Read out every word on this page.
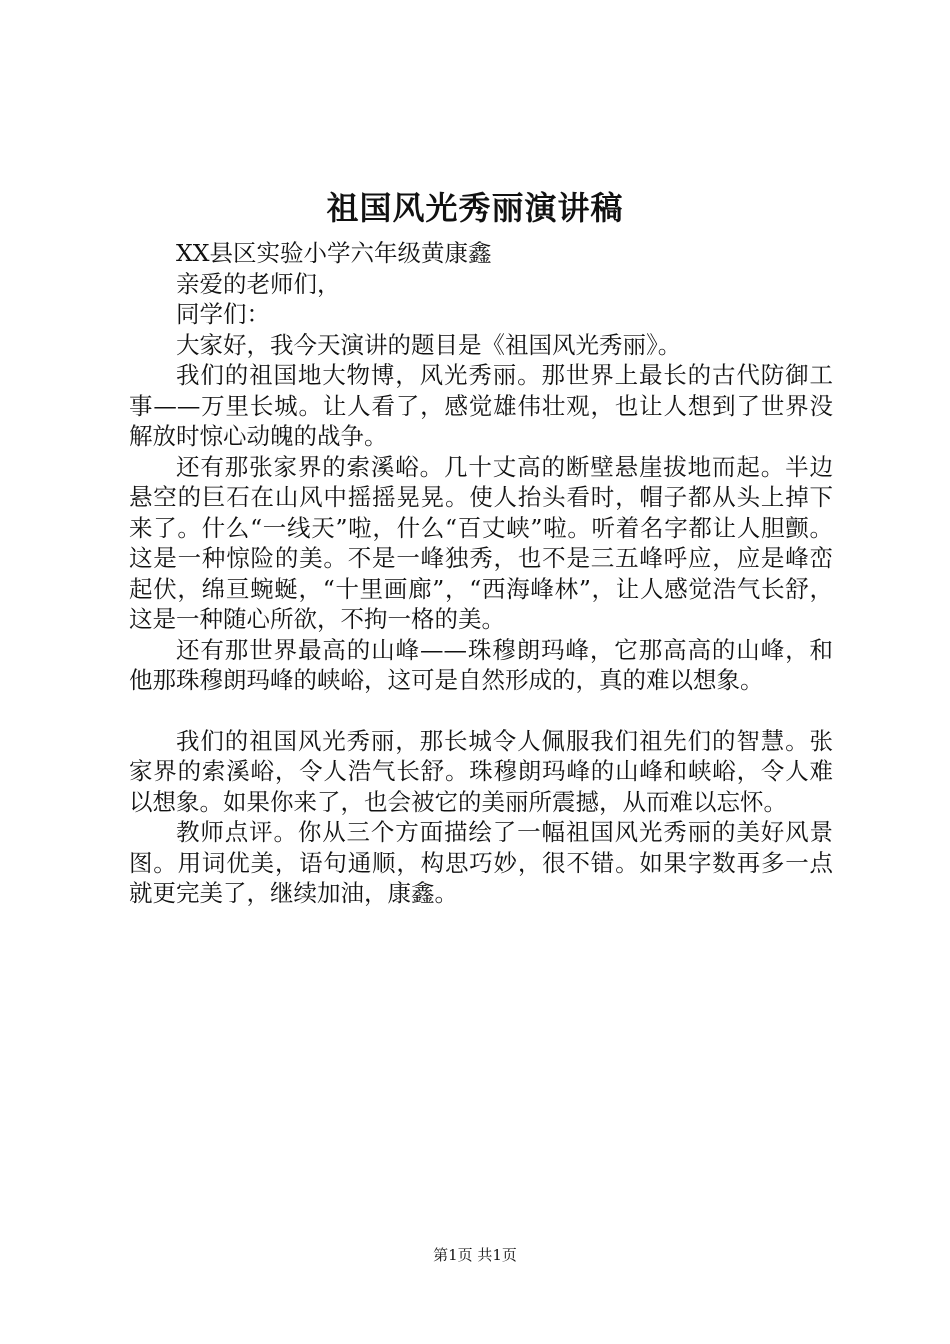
祖国风光秀丽演讲稿

XX县区实验小学六年级黄康鑫

亲爱的老师们，

同学们：

大家好，我今天演讲的题目是《祖国风光秀丽》。

我们的祖国地大物博，风光秀丽。那世界上最长的古代防御工事——万里长城。让人看了，感觉雄伟壮观，也让人想到了世界没解放时惊心动魄的战争。

还有那张家界的索溪峪。几十丈高的断壁悬崖拔地而起。半边悬空的巨石在山风中摇摇晃晃。使人抬头看时，帽子都从头上掉下来了。什么“一线天”啦，什么“百丈峡”啦。听着名字都让人胆颤。这是一种惊险的美。不是一峰独秀，也不是三五峰呼应，应是峰峦起伏，绵亘蜿蜒，“十里画廊”，“西海峰林”，让人感觉浩气长舒，这是一种随心所欲，不拘一格的美。

还有那世界最高的山峰——珠穆朗玛峰，它那高高的山峰，和他那珠穆朗玛峰的峡峪，这可是自然形成的，真的难以想象。

我们的祖国风光秀丽，那长城令人佩服我们祖先们的智慧。张家界的索溪峪，令人浩气长舒。珠穆朗玛峰的山峰和峡峪，令人难以想象。如果你来了，也会被它的美丽所震撼，从而难以忘怀。

教师点评。你从三个方面描绘了一幅祖国风光秀丽的美好风景图。用词优美，语句通顺，构思巧妙，很不错。如果字数再多一点就更完美了，继续加油，康鑫。

第1页 共1页
